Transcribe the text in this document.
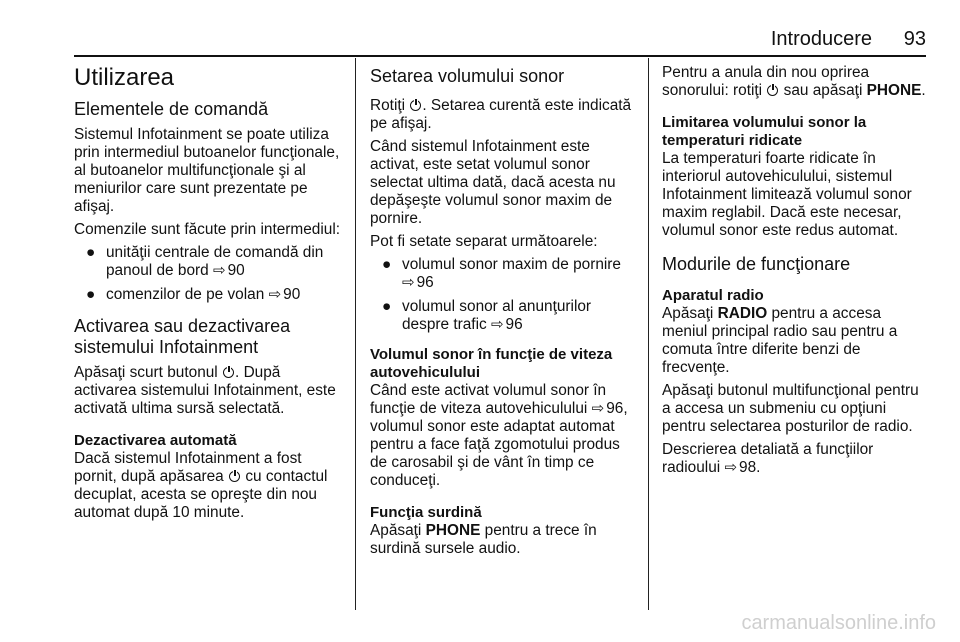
Introducere 93
Utilizarea
Elementele de comandă

Sistemul Infotainment se poate utiliza prin intermediul butoanelor funcţionale, al butoanelor multifuncţionale şi al meniurilor care sunt prezentate pe afişaj.

Comenzile sunt făcute prin intermediul:

● unităţii centrale de comandă din panoul de bord ⇨ 90
● comenzilor de pe volan ⇨ 90
Activarea sau dezactivarea sistemului Infotainment

Apăsaţi scurt butonul . După activarea sistemului Infotainment, este activată ultima sursă selectată.

Dezactivarea automată

Dacă sistemul Infotainment a fost pornit, după apăsarea cu contactul decuplat, acesta se opreşte din nou automat după 10 minute.

Setarea volumului sonor

Rotiţi . Setarea curentă este indicată pe afişaj.

Când sistemul Infotainment este activat, este setat volumul sonor selectat ultima dată, dacă acesta nu depăşeşte volumul sonor maxim de pornire.

Pot fi setate separat următoarele:

● volumul sonor maxim de pornire ⇨ 96
● volumul sonor al anunţurilor despre trafic ⇨ 96
Volumul sonor în funcţie de viteza autovehiculului

Când este activat volumul sonor în funcţie de viteza autovehiculului ⇨ 96, volumul sonor este adaptat automat pentru a face faţă zgomotului produs de carosabil şi de vânt în timp ce conduceţi.

Funcţia surdină

Apăsaţi PHONE pentru a trece în surdină sursele audio.

Pentru a anula din nou oprirea sonorului: rotiţi sau apăsaţi PHONE.

Limitarea volumului sonor la temperaturi ridicate

La temperaturi foarte ridicate în interiorul autovehiculului, sistemul Infotainment limitează volumul sonor maxim reglabil. Dacă este necesar, volumul sonor este redus automat.

Modurile de funcţionare
Aparatul radio

Apăsaţi RADIO pentru a accesa meniul principal radio sau pentru a comuta între diferite benzi de frecvenţe.

Apăsaţi butonul multifuncţional pentru a accesa un submeniu cu opţiuni pentru selectarea posturilor de radio.

Descrierea detaliată a funcţiilor radioului ⇨ 98.

carmanualsonline.info
